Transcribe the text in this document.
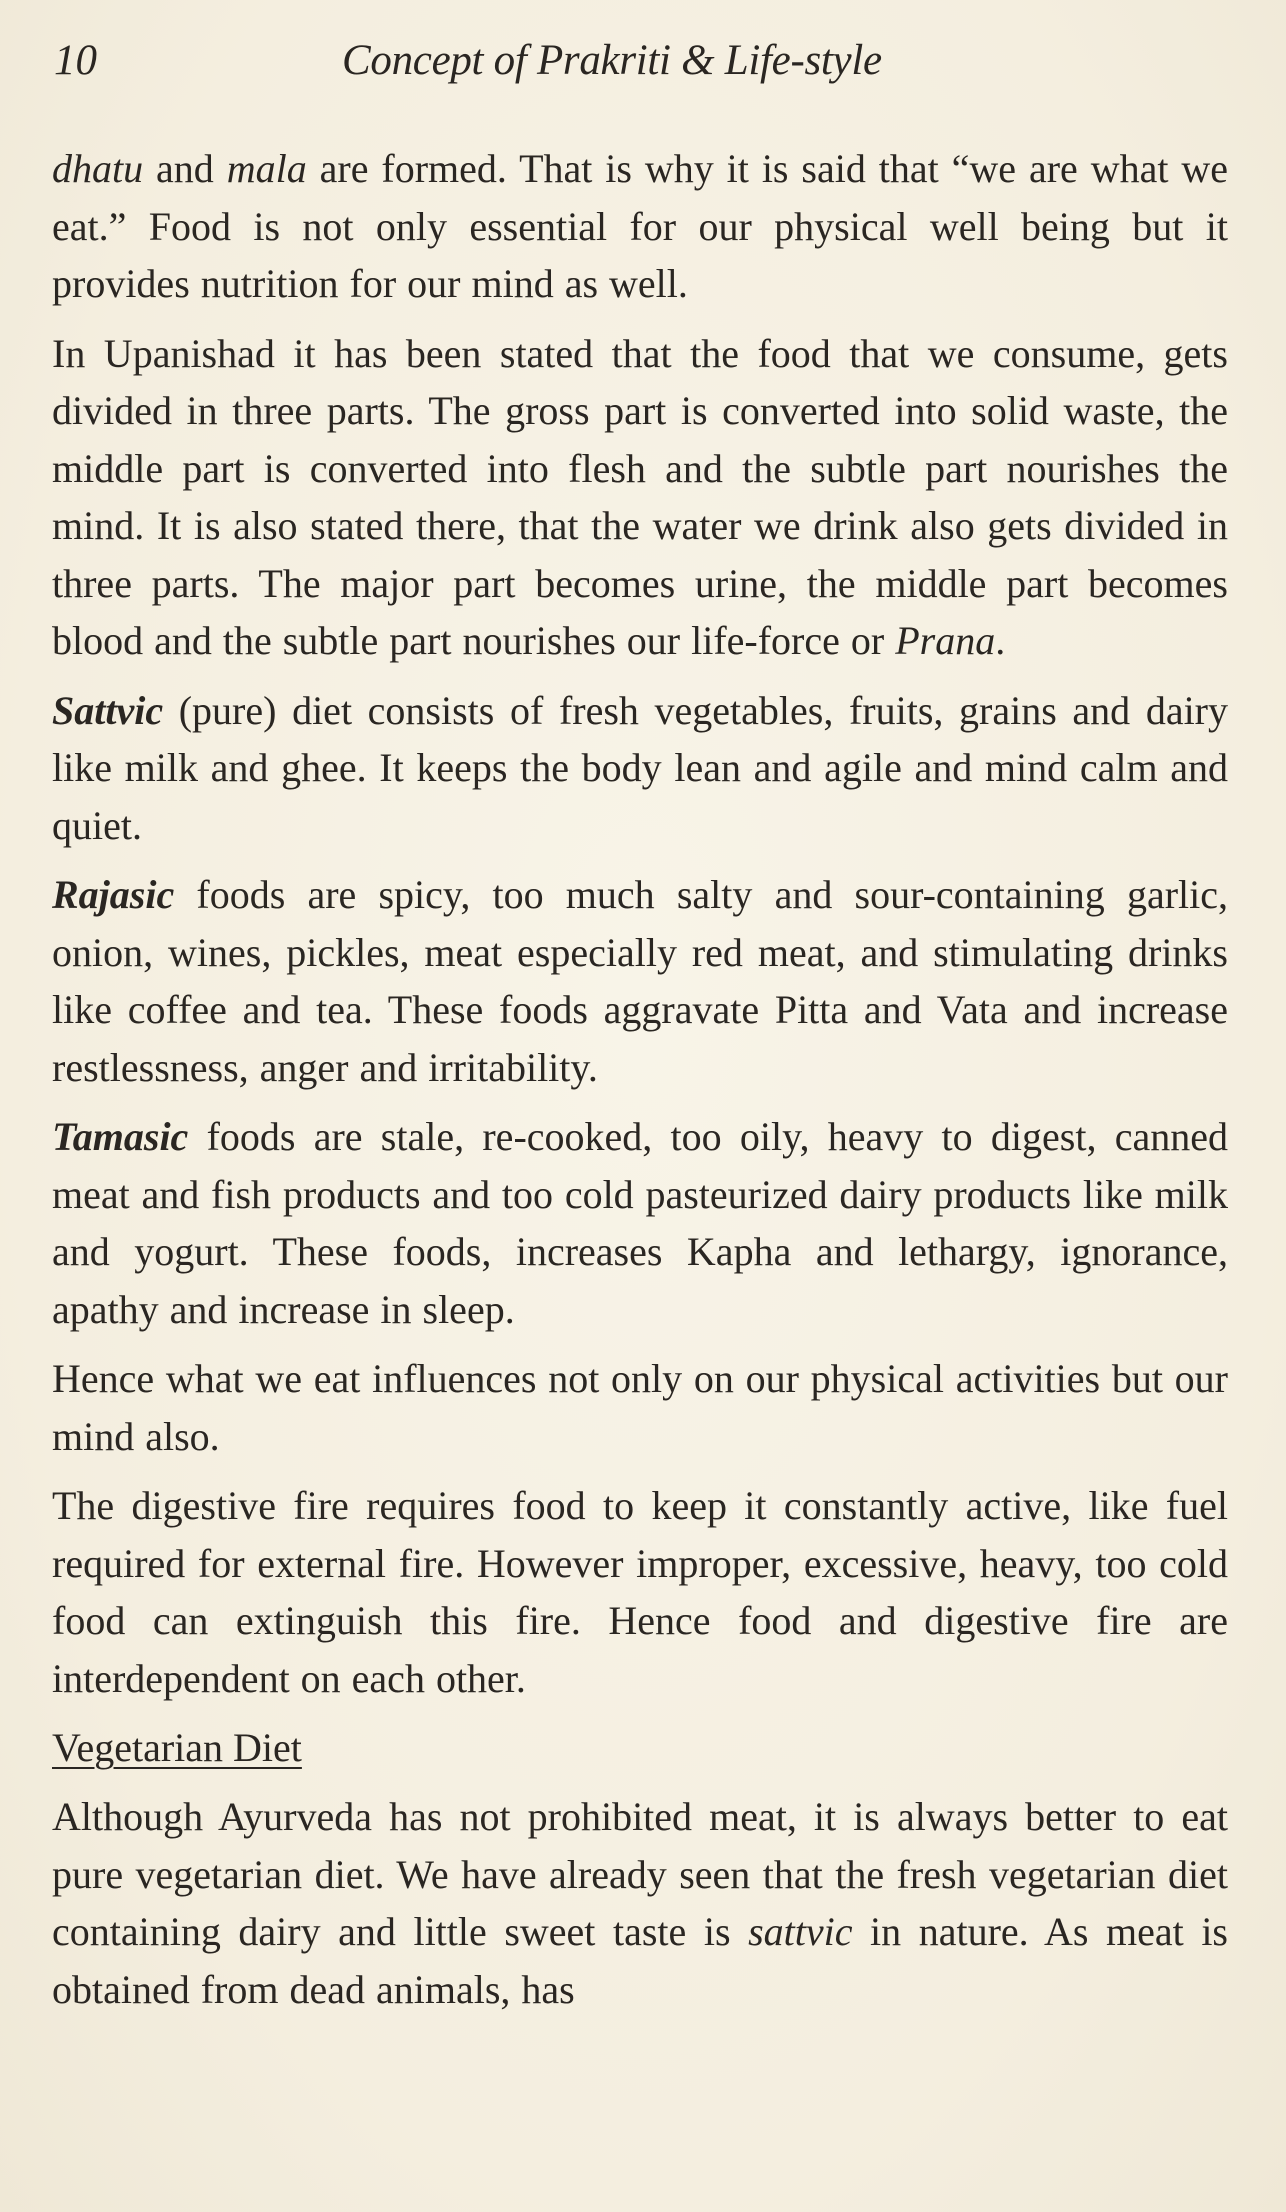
10	Concept of Prakriti & Life-style

dhatu and mala are formed. That is why it is said that “we are what we eat.” Food is not only essential for our physical well being but it provides nutrition for our mind as well.

In Upanishad it has been stated that the food that we consume, gets divided in three parts. The gross part is converted into solid waste, the middle part is converted into flesh and the subtle part nourishes the mind. It is also stated there, that the water we drink also gets divided in three parts. The major part becomes urine, the middle part becomes blood and the subtle part nourishes our life-force or Prana.

Sattvic (pure) diet consists of fresh vegetables, fruits, grains and dairy like milk and ghee. It keeps the body lean and agile and mind calm and quiet.

Rajasic foods are spicy, too much salty and sour-containing garlic, onion, wines, pickles, meat especially red meat, and stimulating drinks like coffee and tea. These foods aggravate Pitta and Vata and increase restlessness, anger and irritability.

Tamasic foods are stale, re-cooked, too oily, heavy to digest, canned meat and fish products and too cold pasteurized dairy products like milk and yogurt. These foods, increases Kapha and lethargy, ignorance, apathy and increase in sleep.

Hence what we eat influences not only on our physical activities but our mind also.

The digestive fire requires food to keep it constantly active, like fuel required for external fire. However improper, excessive, heavy, too cold food can extinguish this fire. Hence food and digestive fire are interdependent on each other.

Vegetarian Diet

Although Ayurveda has not prohibited meat, it is always better to eat pure vegetarian diet. We have already seen that the fresh vegetarian diet containing dairy and little sweet taste is sattvic in nature. As meat is obtained from dead animals, has
